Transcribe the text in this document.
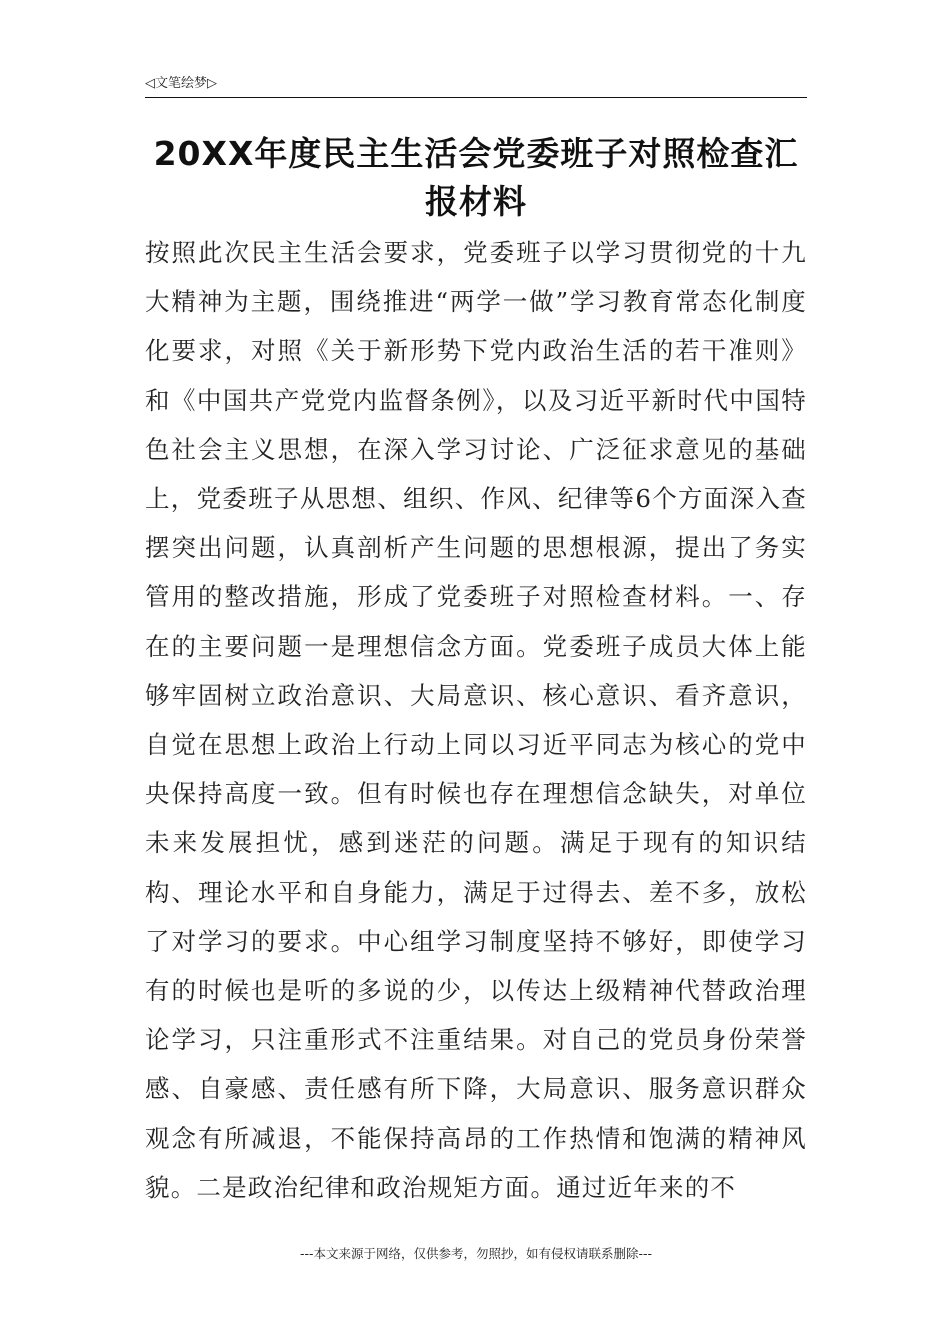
◁文笔绘梦▷
20XX年度民主生活会党委班子对照检查汇报材料
按照此次民主生活会要求，党委班子以学习贯彻党的十九大精神为主题，围绕推进“两学一做”学习教育常态化制度化要求，对照《关于新形势下党内政治生活的若干准则》和《中国共产党党内监督条例》，以及习近平新时代中国特色社会主义思想，在深入学习讨论、广泛征求意见的基础上，党委班子从思想、组织、作风、纪律等6个方面深入查摆突出问题，认真剖析产生问题的思想根源，提出了务实管用的整改措施，形成了党委班子对照检查材料。一、存在的主要问题一是理想信念方面。党委班子成员大体上能够牢固树立政治意识、大局意识、核心意识、看齐意识，自觉在思想上政治上行动上同以习近平同志为核心的党中央保持高度一致。但有时候也存在理想信念缺失，对单位未来发展担忧，感到迷茫的问题。满足于现有的知识结构、理论水平和自身能力，满足于过得去、差不多，放松了对学习的要求。中心组学习制度坚持不够好，即使学习有的时候也是听的多说的少，以传达上级精神代替政治理论学习，只注重形式不注重结果。对自己的党员身份荣誉感、自豪感、责任感有所下降，大局意识、服务意识群众观念有所减退，不能保持高昂的工作热情和饱满的精神风貌。二是政治纪律和政治规矩方面。通过近年来的不
---本文来源于网络，仅供参考，勿照抄，如有侵权请联系删除---
